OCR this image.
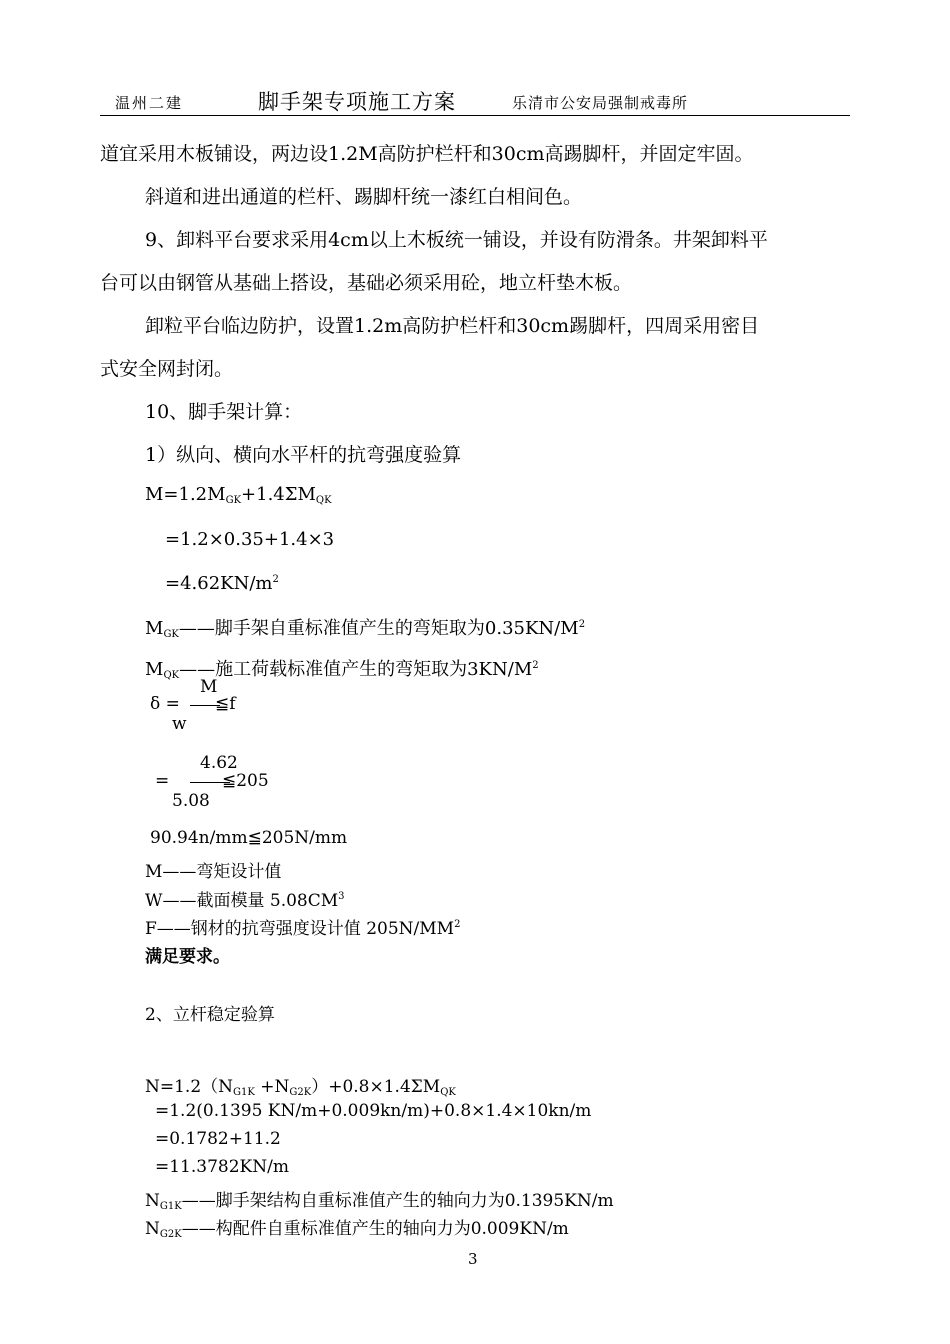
温州二建	脚手架专项施工方案	乐清市公安局强制戒毒所
道宜采用木板铺设，两边设1.2M高防护栏杆和30cm高踢脚杆，并固定牢固。
斜道和进出通道的栏杆、踢脚杆统一漆红白相间色。
9、卸料平台要求采用4cm以上木板统一铺设，并设有防滑条。井架卸料平
台可以由钢管从基础上搭设，基础必须采用砼，地立杆垫木板。
卸粒平台临边防护，设置1.2m高防护栏杆和30cm踢脚杆，四周采用密目
式安全网封闭。
10、脚手架计算：
1）纵向、横向水平杆的抗弯强度验算
$M=1.2M_{GK}+1.4\Sigma M_{QK}$
=1.2×0.35+1.4×3
$=4.62KN/m^2$
$M_{GK}——$脚手架自重标准值产生的弯矩取为$0.35KN/M^2$
$M_{QK}——$施工荷载标准值产生的弯矩取为$3KN/M^2$
M
δ = ≦f
w
4.62
=	≦205
5.08
90.94n/mm≦205N/mm
M——弯矩设计值
W——截面模量 $5.08CM^3$
F——钢材的抗弯强度设计值 $205N/MM^2$
满足要求。
2、立杆稳定验算
$N=1.2(N_{G1K} +N_{G2K})+0.8\times 1.4\Sigma M_{QK}$
=1.2(0.1395 KN/m+0.009kn/m)+0.8×1.4×10kn/m
=0.1782+11.2
=11.3782KN/m
$N_{G1K}——$脚手架结构自重标准值产生的轴向力为0.1395KN/m
$N_{G2K}——$构配件自重标准值产生的轴向力为0.009KN/m
3
